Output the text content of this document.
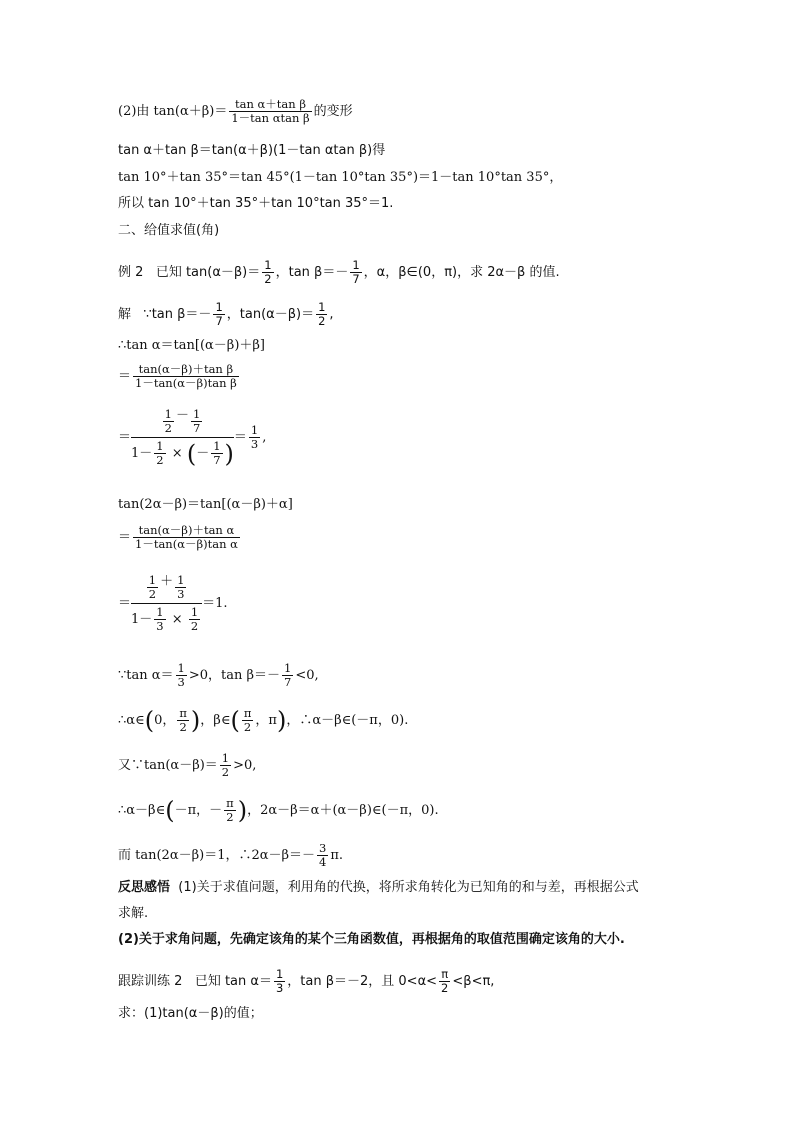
(2)由 $\tan(\alpha+\beta)= \frac{\text{tan α＋tan β}}{\text{1－tan αtan β}}$ 的变形
tan α＋tan β＝tan(α＋β)(1－tan αtan β)得
tan 10°＋tan 35°＝tan 45°(1－tan 10°tan 35°)＝1－tan 10°tan 35°，
所以 tan 10°＋tan 35°＋tan 10°tan 35°＝1.
二、给值求值(角)
例 2 已知 $\tan(\alpha-\beta)= \frac{1}{2}$ ，$\tan \beta=- \frac{1}{7}$ ，α，β∈(0，π)，求 2α－β 的值.
解 ∵tan $\beta=- \frac{1}{7}$ ，$\tan(\alpha-\beta)= \frac{1}{2}$ ,
∴tan α＝tan[(α－β)＋β]
＝ $\frac{\text{tan(α－β)＋tan β}}{\text{1－tan(α－β)tan β}}$
＝ $\frac{1}{2} - \frac{1}{7}$
$1- \frac{1}{2}$
×
( － $\frac{1}{7}$ ) ＝ $\frac{1}{3}$ ,
tan(2α－β)＝tan[(α－β)＋α]
＝ $\frac{\text{tan(α－β)＋tan α}}{\text{1－tan(α－β)tan α}}$
＝ $\frac{1}{2} + \frac{1}{3}$
$1- \frac{1}{3}$
×
$\frac{1}{2} =1$.
∵tan $\alpha= \frac{1}{3} >0$，$\tan \beta=- \frac{1}{7} <0$,
∴α∈(0， $\frac{\pi}{2}$ )，β∈( $\frac{\pi}{2}$ ，π)，∴α－β∈(－π，0).
又∵tan(α－β)＝ $\frac{1}{2} >0$,
∴α－β∈(－π，－ $\frac{\pi}{2}$ )，2α－β＝α＋(α－β)∈(－π，0).
而 tan(2α－β)＝1，∴2α－β＝－ $\frac{3}{4} \pi$.
反思感悟 (1)关于求值问题，利用角的代换，将所求角转化为已知角的和与差，再根据公式
求解.
(2)关于求角问题，先确定该角的某个三角函数值，再根据角的取值范围确定该角的大小.
跟踪训练 2 已知 $\tan \alpha= \frac{1}{3}$ ，tan β＝－2，且 $0<\alpha< \frac{\pi}{2} <\beta<\pi$,
求：(1)tan(α－β)的值；
